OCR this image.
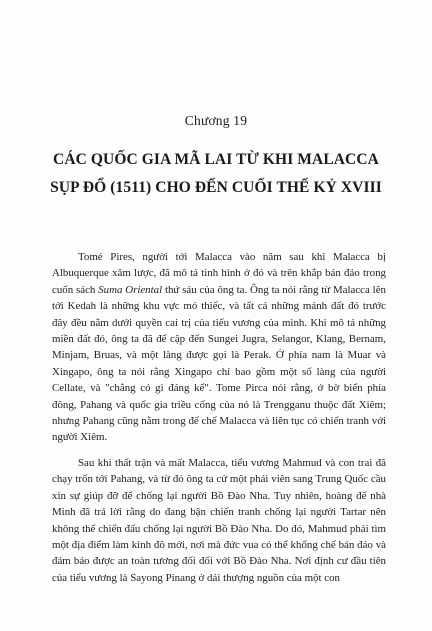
Chương 19
CÁC QUỐC GIA MÃ LAI TỪ KHI MALACCA
SỤP ĐỔ (1511) CHO ĐẾN CUỐI THẾ KỶ XVIII

Tomé Pires, người tới Malacca vào năm sau khi Malacca bị Albuquerque xâm lược, đã mô tả tình hình ở đó và trên khắp bán đảo trong cuốn sách Suma Oriental thứ sáu của ông ta. Ông ta nói rằng từ Malacca lên tới Kedah là những khu vực mỏ thiếc, và tất cả những mảnh đất đó trước đây đều nằm dưới quyền cai trị của tiểu vương của mình. Khi mô tả những miền đất đó, ông ta đã để cập đến Sungei Jugra, Selangor, Klang, Bernam, Minjam, Bruas, và một làng được gọi là Perak. Ở phía nam là Muar và Xingapo, ông ta nói rằng Xingapo chỉ bao gồm một số làng của người Cellate, và "chẳng có gì đáng kể". Tome Pirca nói rằng, ở bờ biển phía đông, Pahang và quốc gia triều cống của nó là Trengganu thuộc đất Xiêm; nhưng Pahang cũng nằm trong đế chế Malacca và liên tục có chiến tranh với người Xiêm.

Sau khi thất trận và mất Malacca, tiểu vương Mahmud và con trai đã chạy trốn tới Pahang, và từ đó ông ta cử một phái viên sang Trung Quốc cầu xin sự giúp đỡ để chống lại người Bồ Đào Nha. Tuy nhiên, hoàng đế nhà Minh đã trả lời rằng do đang bận chiến tranh chống lại người Tartar nên không thể chiến đấu chống lại người Bồ Đào Nha. Do đó, Mahmud phải tìm một địa điểm làm kinh đô mới, nơi mà đức vua có thể khống chế bán đảo và đảm bảo được an toàn tương đối đối với Bồ Đào Nha. Nơi định cư đầu tiên của tiểu vương là Sayong Pinang ở dải thượng nguồn của một con
